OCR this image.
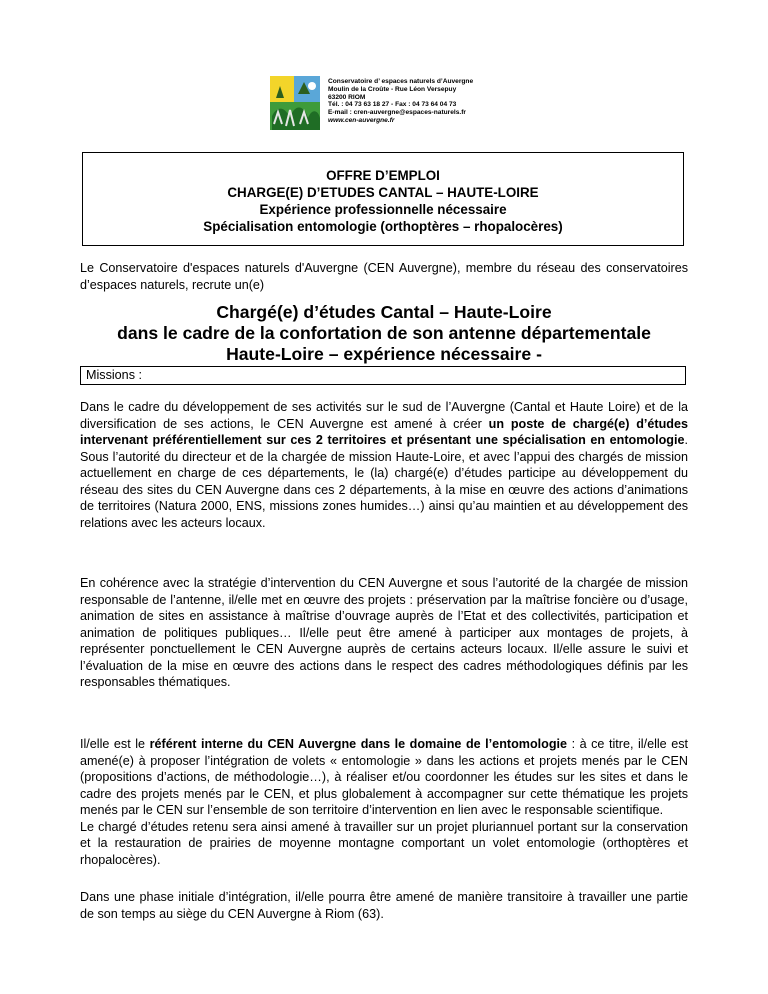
Conservatoire d’ espaces naturels d’Auvergne
Moulin de la Croûte - Rue Léon Versepuy
63200 RIOM
Tél. : 04 73 63 18 27 - Fax : 04 73 64 04 73
E-mail : cren-auvergne@espaces-naturels.fr
www.cen-auvergne.fr
OFFRE D’EMPLOI
CHARGE(E) D’ETUDES CANTAL – HAUTE-LOIRE
Expérience professionnelle nécessaire
Spécialisation entomologie (orthoptères – rhopalocères)

Le Conservatoire d'espaces naturels d'Auvergne (CEN Auvergne), membre du réseau des conservatoires d’espaces naturels, recrute un(e)

Chargé(e) d’études Cantal – Haute-Loire
dans le cadre de la confortation de son antenne départementale
Haute-Loire – expérience nécessaire -
Missions :

Dans le cadre du développement de ses activités sur le sud de l’Auvergne (Cantal et Haute Loire) et de la diversification de ses actions, le CEN Auvergne est amené à créer un poste de chargé(e) d’études intervenant préférentiellement sur ces 2 territoires et présentant une spécialisation en entomologie. Sous l’autorité du directeur et de la chargée de mission Haute-Loire, et avec l’appui des chargés de mission actuellement en charge de ces départements, le (la) chargé(e) d’études participe au développement du réseau des sites du CEN Auvergne dans ces 2 départements, à la mise en œuvre des actions d’animations de territoires (Natura 2000, ENS, missions zones humides…) ainsi qu’au maintien et au développement des relations avec les acteurs locaux.

En cohérence avec la stratégie d’intervention du CEN Auvergne et sous l’autorité de la chargée de mission responsable de l’antenne, il/elle met en œuvre des projets : préservation par la maîtrise foncière ou d’usage, animation de sites en assistance à maîtrise d’ouvrage auprès de l’Etat et des collectivités, participation et animation de politiques publiques… Il/elle peut être amené à participer aux montages de projets, à représenter ponctuellement le CEN Auvergne auprès de certains acteurs locaux. Il/elle assure le suivi et l’évaluation de la mise en œuvre des actions dans le respect des cadres méthodologiques définis par les responsables thématiques.

Il/elle est le référent interne du CEN Auvergne dans le domaine de l’entomologie : à ce titre, il/elle est amené(e) à proposer l’intégration de volets « entomologie » dans les actions et projets menés par le CEN (propositions d’actions, de méthodologie…), à réaliser et/ou coordonner les études sur les sites et dans le cadre des projets menés par le CEN, et plus globalement à accompagner sur cette thématique les projets menés par le CEN sur l’ensemble de son territoire d’intervention en lien avec le responsable scientifique.
Le chargé d’études retenu sera ainsi amené à travailler sur un projet pluriannuel portant sur la conservation et la restauration de prairies de moyenne montagne comportant un volet entomologie (orthoptères et rhopalocères).

Dans une phase initiale d’intégration, il/elle pourra être amené de manière transitoire à travailler une partie de son temps au siège du CEN Auvergne à Riom (63).
